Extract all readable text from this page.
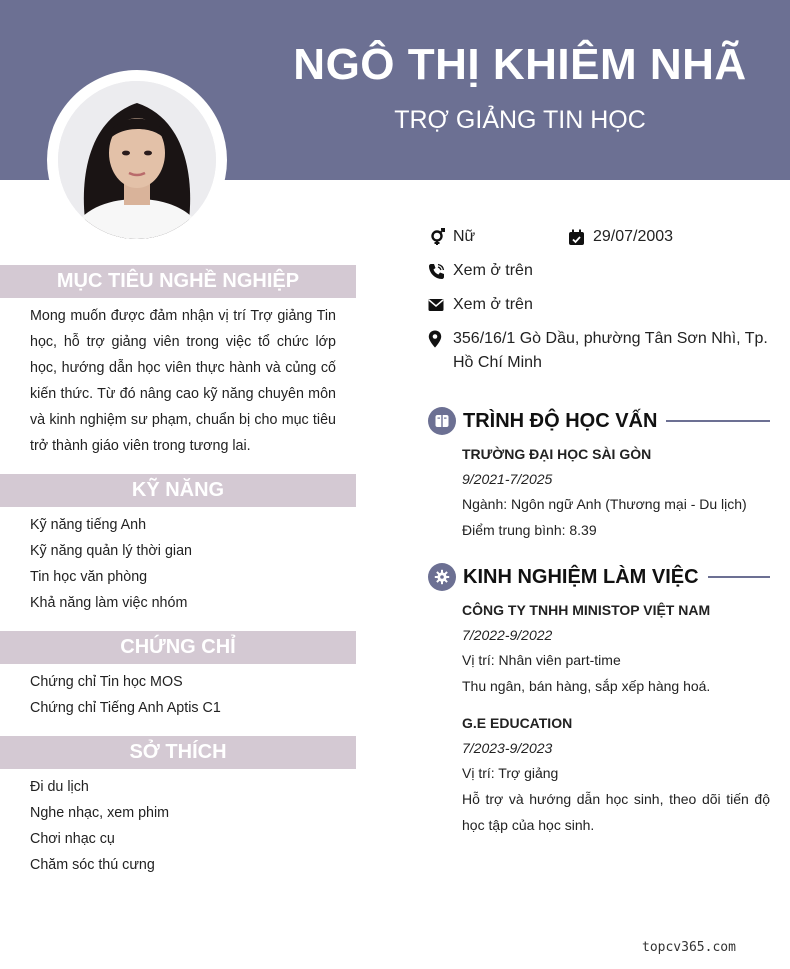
NGÔ THỊ KHIÊM NHÃ
TRỢ GIẢNG TIN HỌC
Nữ	29/07/2003
Xem ở trên
Xem ở trên
356/16/1 Gò Dầu, phường Tân Sơn Nhì, Tp. Hồ Chí Minh
MỤC TIÊU NGHỀ NGHIỆP

Mong muốn được đảm nhận vị trí Trợ giảng Tin học, hỗ trợ giảng viên trong việc tổ chức lớp học, hướng dẫn học viên thực hành và củng cố kiến thức. Từ đó nâng cao kỹ năng chuyên môn và kinh nghiệm sư phạm, chuẩn bị cho mục tiêu trở thành giáo viên trong tương lai.

KỸ NĂNG
Kỹ năng tiếng Anh
Kỹ năng quản lý thời gian
Tin học văn phòng
Khả năng làm việc nhóm
CHỨNG CHỈ
Chứng chỉ Tin học MOS
Chứng chỉ Tiếng Anh Aptis C1
SỞ THÍCH
Đi du lịch
Nghe nhạc, xem phim
Chơi nhạc cụ
Chăm sóc thú cưng
TRÌNH ĐỘ HỌC VẤN
TRƯỜNG ĐẠI HỌC SÀI GÒN
9/2021-7/2025
Ngành: Ngôn ngữ Anh (Thương mại - Du lịch)
Điểm trung bình: 8.39
KINH NGHIỆM LÀM VIỆC
CÔNG TY TNHH MINISTOP VIỆT NAM
7/2022-9/2022
Vị trí: Nhân viên part-time
Thu ngân, bán hàng, sắp xếp hàng hoá.
G.E EDUCATION
7/2023-9/2023
Vị trí: Trợ giảng
Hỗ trợ và hướng dẫn học sinh, theo dõi tiến độ học tập của học sinh.
topcv365.com
